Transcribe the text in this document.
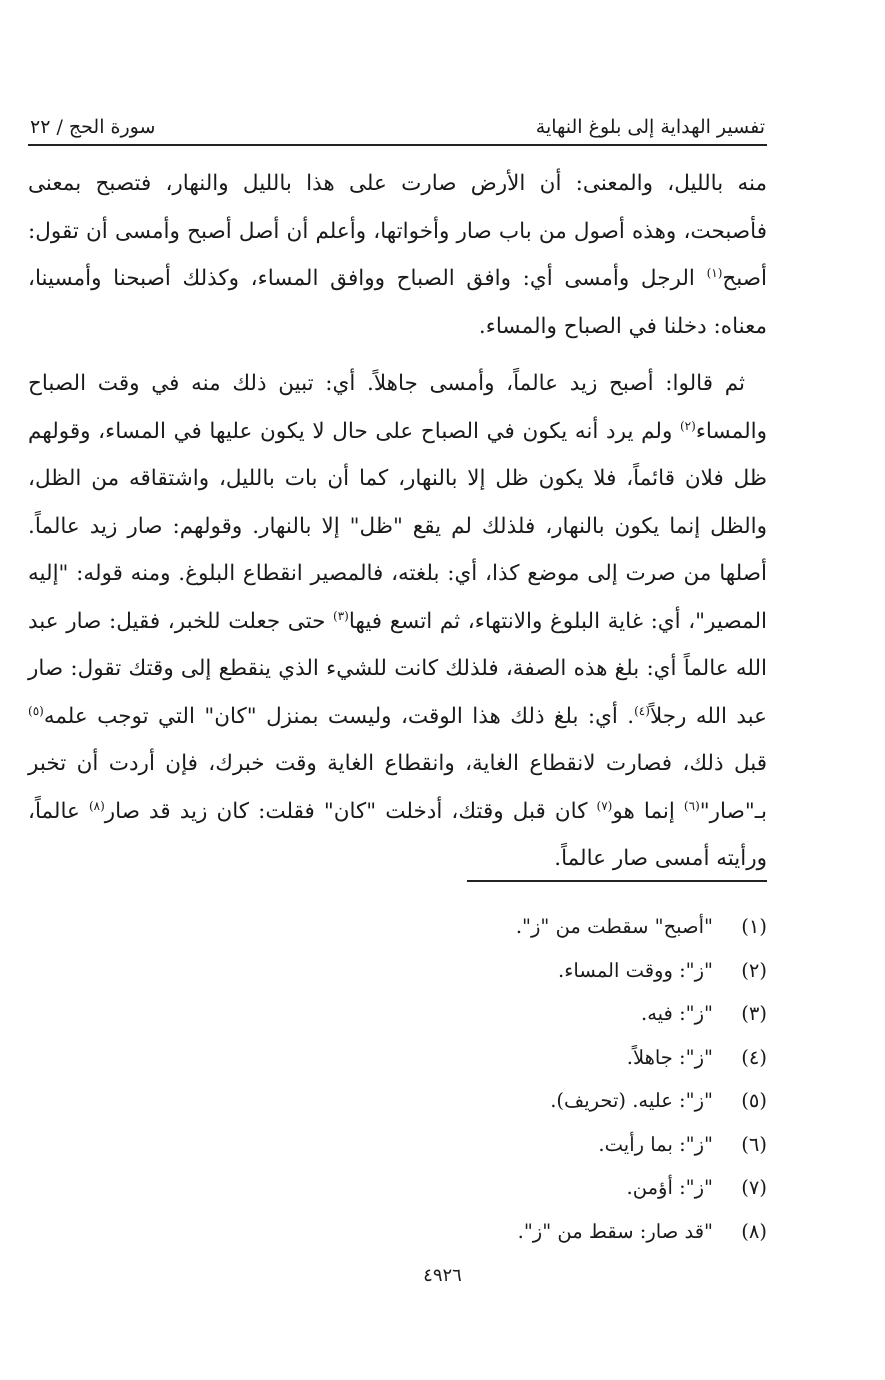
تفسير الهداية إلى بلوغ النهاية
سورة الحج / ٢٢

منه بالليل، والمعنى: أن الأرض صارت على هذا بالليل والنهار، فتصبح بمعنى فأصبحت، وهذه أصول من باب صار وأخواتها، وأعلم أن أصل أصبح وأمسى أن تقول: أصبح$^{(١)}$ الرجل وأمسى أي: وافق الصباح ووافق المساء، وكذلك أصبحنا وأمسينا، معناه: دخلنا في الصباح والمساء.

ثم قالوا: أصبح زيد عالماً، وأمسى جاهلاً. أي: تبين ذلك منه في وقت الصباح والمساء$^{(٢)}$ ولم يرد أنه يكون في الصباح على حال لا يكون عليها في المساء، وقولهم ظل فلان قائماً، فلا يكون ظل إلا بالنهار، كما أن بات بالليل، واشتقاقه من الظل، والظل إنما يكون بالنهار، فلذلك لم يقع "ظل" إلا بالنهار. وقولهم: صار زيد عالماً. أصلها من صرت إلى موضع كذا، أي: بلغته، فالمصير انقطاع البلوغ. ومنه قوله: "إليه المصير"، أي: غاية البلوغ والانتهاء، ثم اتسع فيها$^{(٣)}$ حتى جعلت للخبر، فقيل: صار عبد الله عالماً أي: بلغ هذه الصفة، فلذلك كانت للشيء الذي ينقطع إلى وقتك تقول: صار عبد الله رجلاً$^{(٤)}$. أي: بلغ ذلك هذا الوقت، وليست بمنزل "كان" التي توجب علمه$^{(٥)}$ قبل ذلك، فصارت لانقطاع الغاية، وانقطاع الغاية وقت خبرك، فإن أردت أن تخبر بـ"صار"$^{(٦)}$ إنما هو$^{(٧)}$ كان قبل وقتك، أدخلت "كان" فقلت: كان زيد قد صار$^{(٨)}$ عالماً، ورأيته أمسى صار عالماً.

(١)
"أصبح" سقطت من "ز".
(٢)
"ز": ووقت المساء.
(٣)
"ز": فيه.
(٤)
"ز": جاهلاً.
(٥)
"ز": عليه. (تحريف).
(٦)
"ز": بما رأيت.
(٧)
"ز": أؤمن.
(٨)
"قد صار: سقط من "ز".
٤٩٢٦
